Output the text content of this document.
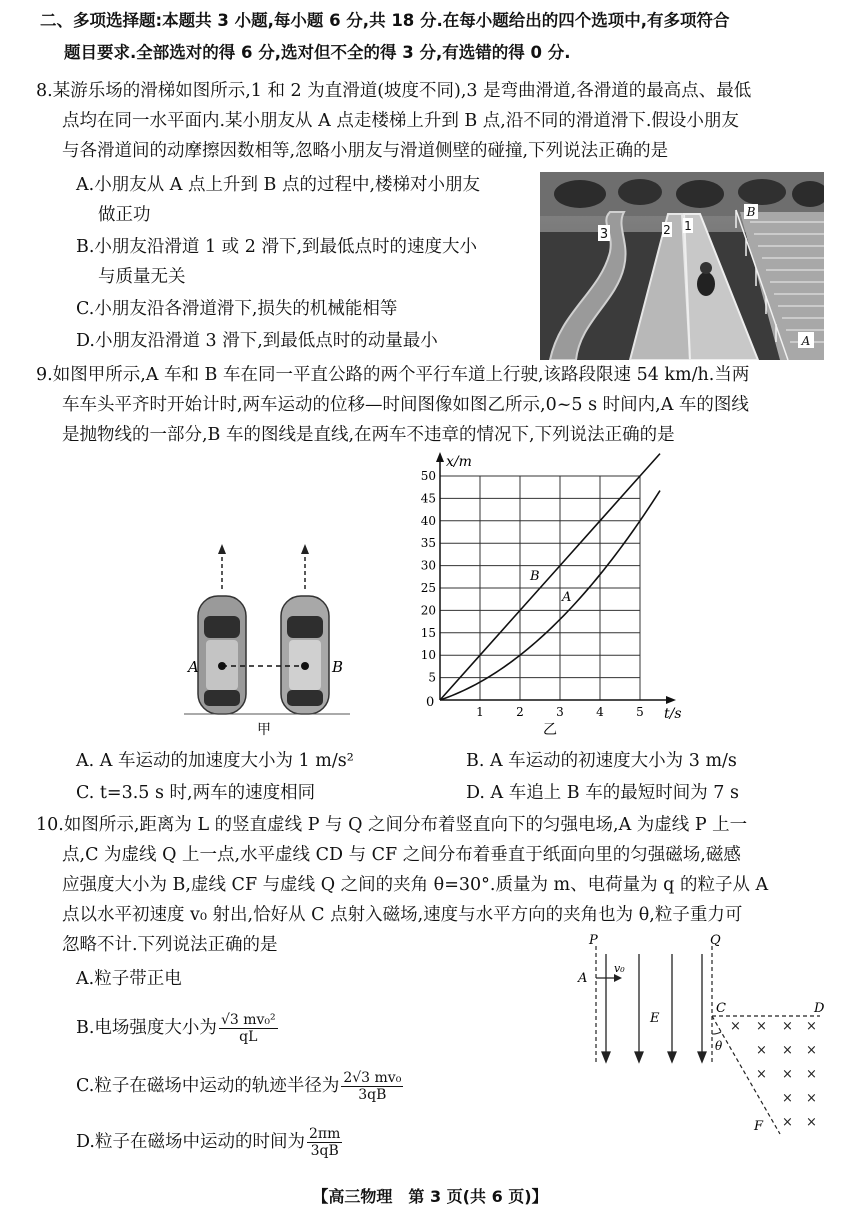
二、多项选择题:本题共 3 小题,每小题 6 分,共 18 分.在每小题给出的四个选项中,有多项符合
题目要求.全部选对的得 6 分,选对但不全的得 3 分,有选错的得 0 分.
8.某游乐场的滑梯如图所示,1 和 2 为直滑道(坡度不同),3 是弯曲滑道,各滑道的最高点、最低
点均在同一水平面内.某小朋友从 A 点走楼梯上升到 B 点,沿不同的滑道滑下.假设小朋友
与各滑道间的动摩擦因数相等,忽略小朋友与滑道侧壁的碰撞,下列说法正确的是
A.小朋友从 A 点上升到 B 点的过程中,楼梯对小朋友
做正功
B.小朋友沿滑道 1 或 2 滑下,到最低点时的速度大小
与质量无关
C.小朋友沿各滑道滑下,损失的机械能相等
D.小朋友沿滑道 3 滑下,到最低点时的动量最小
3	2 1
B
A
9.如图甲所示,A 车和 B 车在同一平直公路的两个平行车道上行驶,该路段限速 54 km/h.当两
车车头平齐时开始计时,两车运动的位移—时间图像如图乙所示,0~5 s 时间内,A 车的图线
是抛物线的一部分,B 车的图线是直线,在两车不违章的情况下,下列说法正确的是
A	B
甲
1	2	3	4	5
5
10
15
20
25
30
35
40
45
50
B
A
x/m
t/s
0
乙
A. A 车运动的加速度大小为 1 m/s²	B. A 车运动的初速度大小为 3 m/s
C. t=3.5 s 时,两车的速度相同	D. A 车追上 B 车的最短时间为 7 s
10.如图所示,距离为 L 的竖直虚线 P 与 Q 之间分布着竖直向下的匀强电场,A 为虚线 P 上一
点,C 为虚线 Q 上一点,水平虚线 CD 与 CF 之间分布着垂直于纸面向里的匀强磁场,磁感
应强度大小为 B,虚线 CF 与虚线 Q 之间的夹角 θ=30°.质量为 m、电荷量为 q 的粒子从 A
点以水平初速度 v₀ 射出,恰好从 C 点射入磁场,速度与水平方向的夹角也为 θ,粒子重力可
忽略不计.下列说法正确的是
A.粒子带正电
B.电场强度大小为 $\frac{\text{√3 mv₀²}}{qL}$
C.粒子在磁场中运动的轨迹半径为 $\frac{\text{2√3 mv₀}}{3qB}$
D.粒子在磁场中运动的时间为 $\frac{2\pi m}{3qB}$
P	Q
A
v₀
E
C	D
θ
F
× × × ×
× × ×
× × ×
× ×
× ×
【高三物理　第 3 页(共 6 页)】
